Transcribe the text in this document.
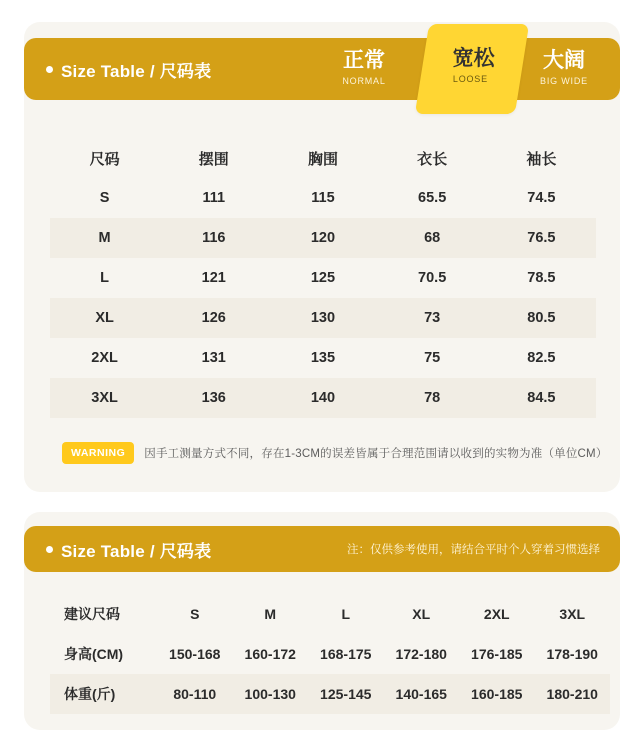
Size Table / 尺码表	正常
NORMAL
大阔
BIG WIDE
宽松
LOOSE
尺码	摆围	胸围	衣长	袖长
S	111	115	65.5	74.5
M	116	120	68	76.5
L	121	125	70.5	78.5
XL	126	130	73	80.5
2XL	131	135	75	82.5
3XL	136	140	78	84.5
WARNING	因手工测量方式不同，存在1-3CM的误差皆属于合理范围请以收到的实物为准（单位CM）
Size Table / 尺码表	注：仅供参考使用，请结合平时个人穿着习惯选择
建议尺码	S	M	L	XL	2XL	3XL
身高(CM)	150-168	160-172	168-175	172-180	176-185	178-190
体重(斤)	80-110	100-130	125-145	140-165	160-185	180-210
